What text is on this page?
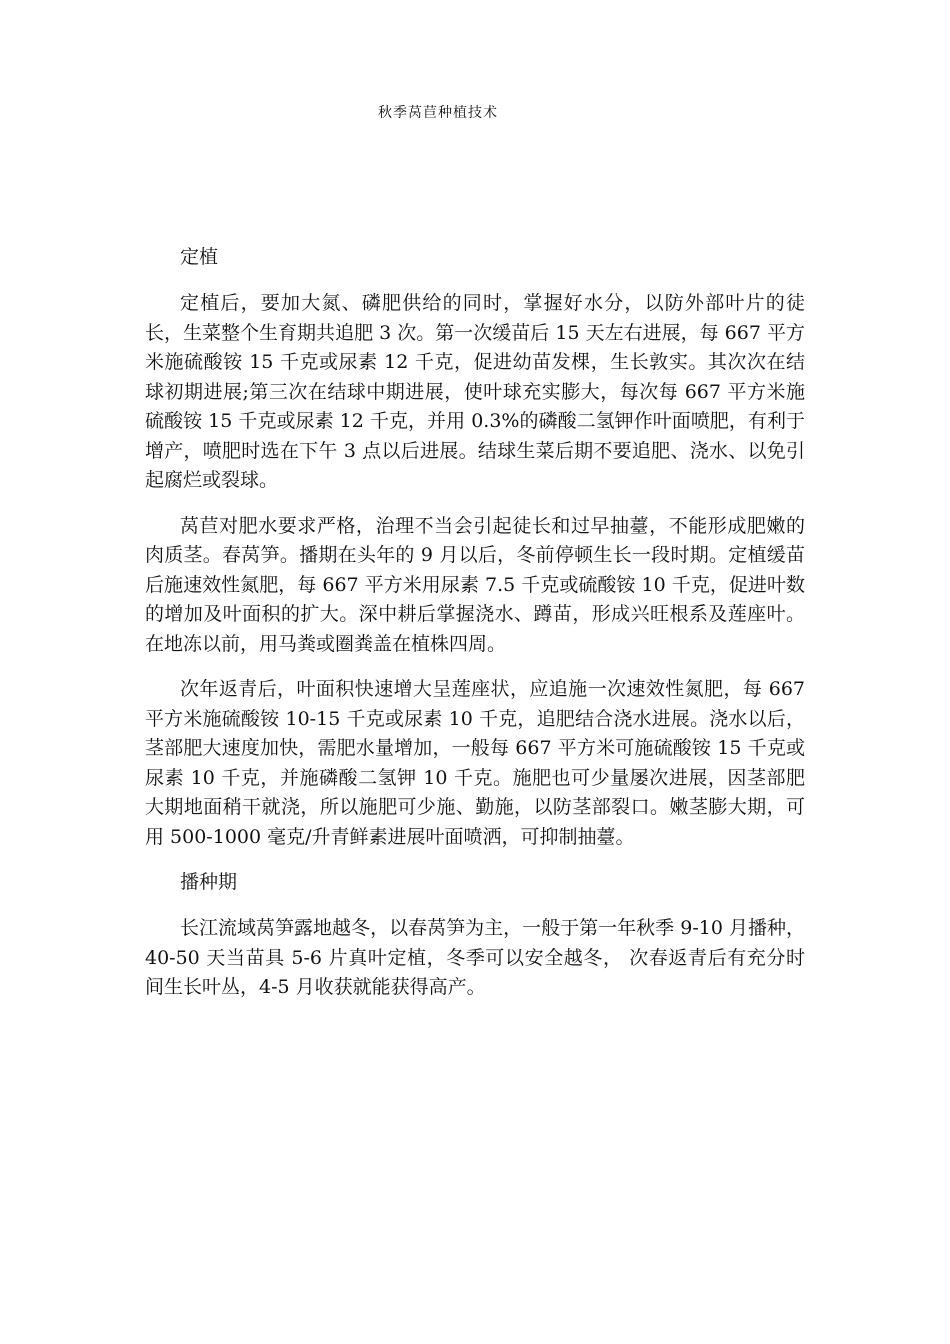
秋季莴苣种植技术
定植

定植后，要加大氮、磷肥供给的同时，掌握好水分，以防外部叶片的徒长，生菜整个生育期共追肥 3 次。第一次缓苗后 15 天左右进展，每 667 平方米施硫酸铵 15 千克或尿素 12 千克，促进幼苗发棵，生长敦实。其次次在结球初期进展;第三次在结球中期进展，使叶球充实膨大，每次每 667 平方米施硫酸铵 15 千克或尿素 12 千克，并用 0.3%的磷酸二氢钾作叶面喷肥，有利于增产，喷肥时选在下午 3 点以后进展。结球生菜后期不要追肥、浇水、以免引起腐烂或裂球。

莴苣对肥水要求严格，治理不当会引起徒长和过早抽薹，不能形成肥嫩的肉质茎。春莴笋。播期在头年的 9 月以后，冬前停顿生长一段时期。定植缓苗后施速效性氮肥，每 667 平方米用尿素 7.5 千克或硫酸铵 10 千克，促进叶数的增加及叶面积的扩大。深中耕后掌握浇水、蹲苗，形成兴旺根系及莲座叶。在地冻以前，用马粪或圈粪盖在植株四周。

次年返青后，叶面积快速增大呈莲座状，应追施一次速效性氮肥，每 667 平方米施硫酸铵 10-15 千克或尿素 10 千克，追肥结合浇水进展。浇水以后，茎部肥大速度加快，需肥水量增加，一般每 667 平方米可施硫酸铵 15 千克或尿素 10 千克，并施磷酸二氢钾 10 千克。施肥也可少量屡次进展，因茎部肥大期地面稍干就浇，所以施肥可少施、勤施，以防茎部裂口。嫩茎膨大期，可用 500-1000 毫克/升青鲜素进展叶面喷洒，可抑制抽薹。

播种期

长江流域莴笋露地越冬，以春莴笋为主，一般于第一年秋季 9-10 月播种，40-50 天当苗具 5-6 片真叶定植，冬季可以安全越冬， 次春返青后有充分时间生长叶丛，4-5 月收获就能获得高产。
